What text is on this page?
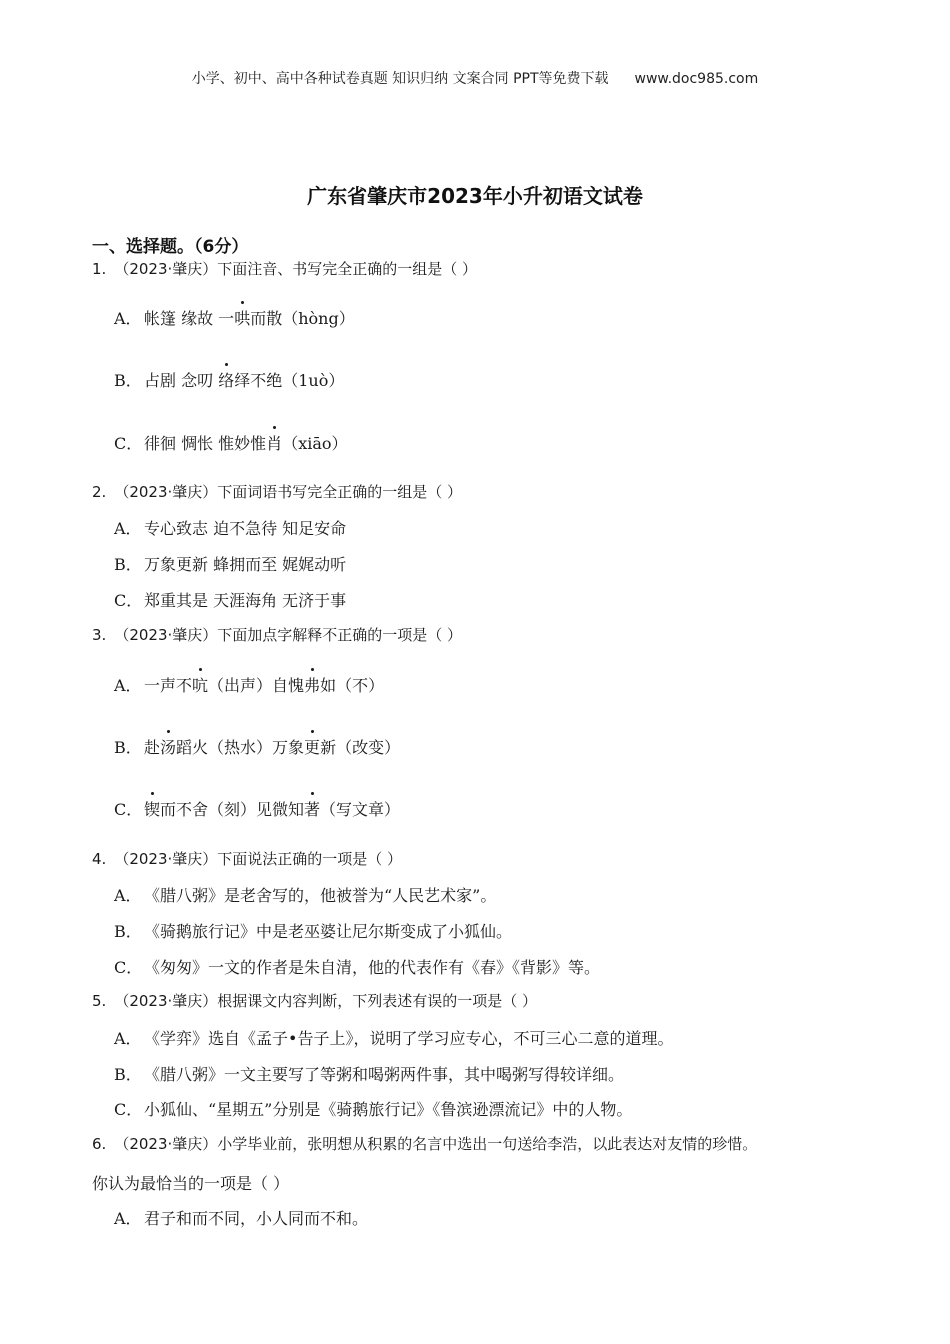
小学、初中、高中各种试卷真题 知识归纳 文案合同 PPT等免费下载 www.doc985.com
广东省肇庆市2023年小升初语文试卷
一、选择题。（6分）
1. （2023·肇庆）下面注音、书写完全正确的一组是（ ）
A． 帐篷 缘故 一哄而散（hòng）
B． 占剧 念叨 络绎不绝（1uò）
C． 徘徊 惆怅 惟妙惟肖（xiāo）
2. （2023·肇庆）下面词语书写完全正确的一组是（ ）
A． 专心致志 迫不急待 知足安命
B． 万象更新 蜂拥而至 娓娓动听
C． 郑重其是 天涯海角 无济于事
3. （2023·肇庆）下面加点字解释不正确的一项是（ ）
A． 一声不吭（出声）自愧弗如（不）
B． 赴汤蹈火（热水）万象更新（改变）
C． 锲而不舍（刻）见微知著（写文章）
4. （2023·肇庆）下面说法正确的一项是（ ）
A． 《腊八粥》是老舍写的，他被誉为“人民艺术家”。
B． 《骑鹅旅行记》中是老巫婆让尼尔斯变成了小狐仙。
C． 《匆匆》一文的作者是朱自清，他的代表作有《春》《背影》等。
5. （2023·肇庆）根据课文内容判断，下列表述有误的一项是（ ）
A． 《学弈》选自《孟子•告子上》，说明了学习应专心，不可三心二意的道理。
B． 《腊八粥》一文主要写了等粥和喝粥两件事，其中喝粥写得较详细。
C． 小狐仙、“星期五”分别是《骑鹅旅行记》《鲁滨逊漂流记》中的人物。
6. （2023·肇庆）小学毕业前，张明想从积累的名言中选出一句送给李浩，以此表达对友情的珍惜。
你认为最恰当的一项是（ ）
A． 君子和而不同，小人同而不和。
